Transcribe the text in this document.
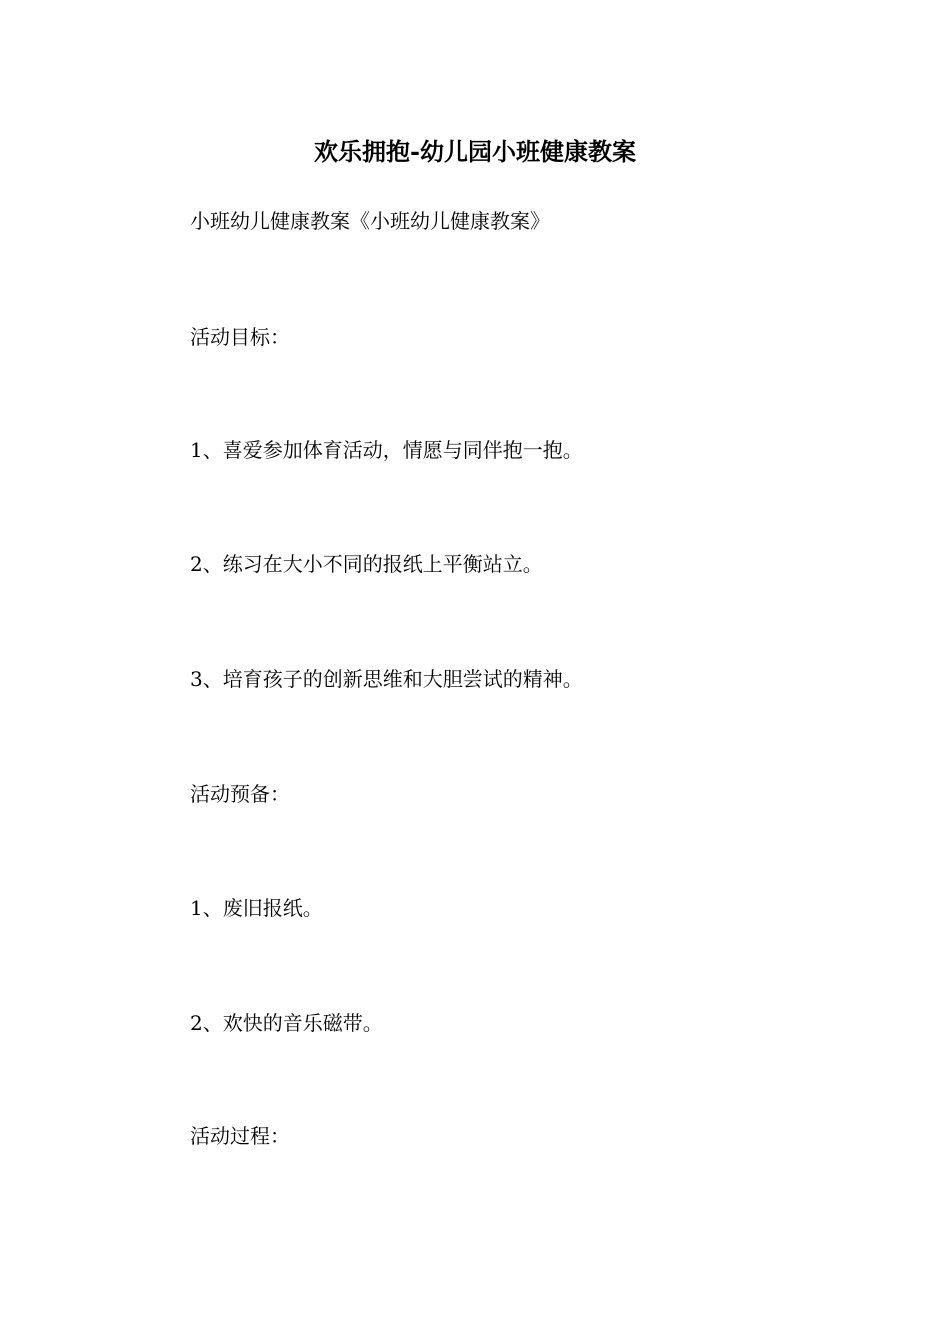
欢乐拥抱-幼儿园小班健康教案
小班幼儿健康教案《小班幼儿健康教案》
活动目标：
1、喜爱参加体育活动，情愿与同伴抱一抱。
2、练习在大小不同的报纸上平衡站立。
3、培育孩子的创新思维和大胆尝试的精神。
活动预备：
1、废旧报纸。
2、欢快的音乐磁带。
活动过程：
